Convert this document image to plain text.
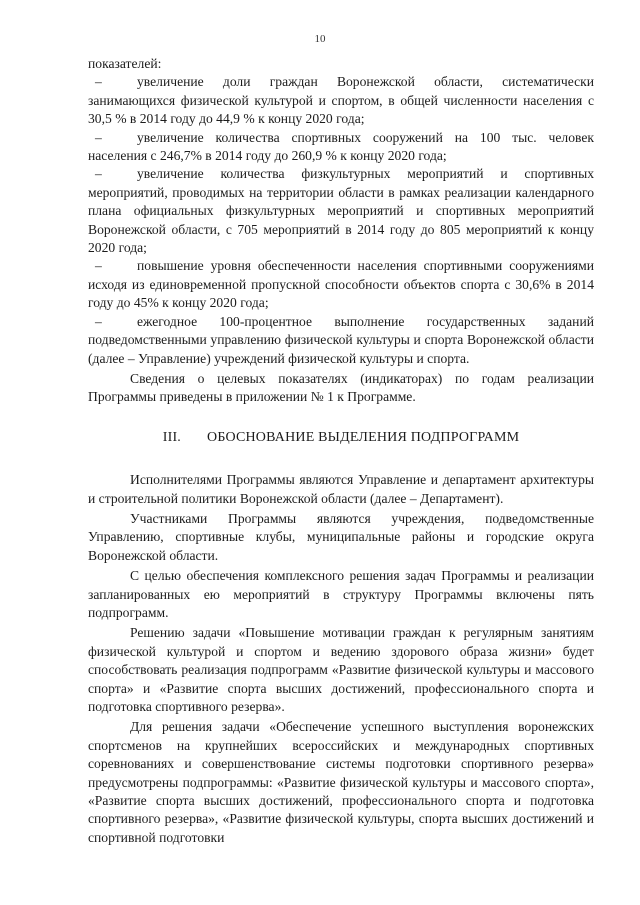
10

показателей:

–	увеличение доли граждан Воронежской области, систематически занимающихся физической культурой и спортом, в общей численности населения с 30,5 % в 2014 году до 44,9 % к концу 2020 года;

–	увеличение количества спортивных сооружений на 100 тыс. человек населения с 246,7% в 2014 году до 260,9 % к концу 2020 года;

–	увеличение количества физкультурных мероприятий и спортивных мероприятий, проводимых на территории области в рамках реализации календарного плана официальных физкультурных мероприятий и спортивных мероприятий Воронежской области, с 705 мероприятий в 2014 году до 805 мероприятий к концу 2020 года;

–	повышение уровня обеспеченности населения спортивными сооружениями исходя из единовременной пропускной способности объектов спорта с 30,6% в 2014 году до 45% к концу 2020 года;

–	ежегодное 100-процентное выполнение государственных заданий подведомственными управлению физической культуры и спорта Воронежской области (далее – Управление) учреждений физической культуры и спорта.

Сведения о целевых показателях (индикаторах) по годам реализации Программы приведены в приложении № 1 к Программе.

III. ОБОСНОВАНИЕ ВЫДЕЛЕНИЯ ПОДПРОГРАММ

Исполнителями Программы являются Управление и департамент архитектуры и строительной политики Воронежской области (далее – Департамент).

Участниками Программы являются учреждения, подведомственные Управлению, спортивные клубы, муниципальные районы и городские округа Воронежской области.

С целью обеспечения комплексного решения задач Программы и реализации запланированных ею мероприятий в структуру Программы включены пять подпрограмм.

Решению задачи «Повышение мотивации граждан к регулярным занятиям физической культурой и спортом и ведению здорового образа жизни» будет способствовать реализация подпрограмм «Развитие физической культуры и массового спорта» и «Развитие спорта высших достижений, профессионального спорта и подготовка спортивного резерва».

Для решения задачи «Обеспечение успешного выступления воронежских спортсменов на крупнейших всероссийских и международных спортивных соревнованиях и совершенствование системы подготовки спортивного резерва» предусмотрены подпрограммы: «Развитие физической культуры и массового спорта», «Развитие спорта высших достижений, профессионального спорта и подготовка спортивного резерва», «Развитие физической культуры, спорта высших достижений и спортивной подготовки
